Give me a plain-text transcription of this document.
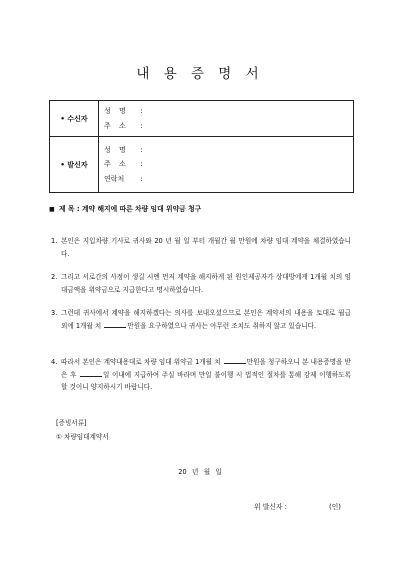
내 용 증 명 서
• 수신자	성 명 :
주 소 :

• 발신자	성 명 :
주 소 :
연락처 :
■ 제 목 : 계약 해지에 따른 차량 임대 위약금 청구
1. 본인은 지입차량 기사로 귀사와 20 년 월 일 부터 개월간 월 만원에 차량 임대 계약을 체결하였습니다.
2. 그리고 서로간의 사정이 생길 시엔 먼저 계약을 해지하게 된 원인제공자가 상대방에게 1개월 치의 임대금액을 위약금으로 지급한다고 명시하였습니다.
3. 그런데 귀사에서 계약을 해지하겠다는 의사를 보내오셨으므로 본인은 계약서의 내용을 토대로 월급 외에 1개월 치	만원을 요구하였으나 귀사는 아무런 조치도 취하지 않고 있습니다.
4. 따라서 본인은 계약내용대로 차량 임대 위약금 1개월 치	만원을 청구하오니 본 내용증명을 받은 후	일 이내에 지급하여 주실 바라며 만일 불이행 시 법적인 절차를 통해 강제 이행하도록 할 것이니 양지하시기 바랍니다.
[증빙서류]
① 차량임대계약서
20 년 월 일
위 발신자 :	(인)
